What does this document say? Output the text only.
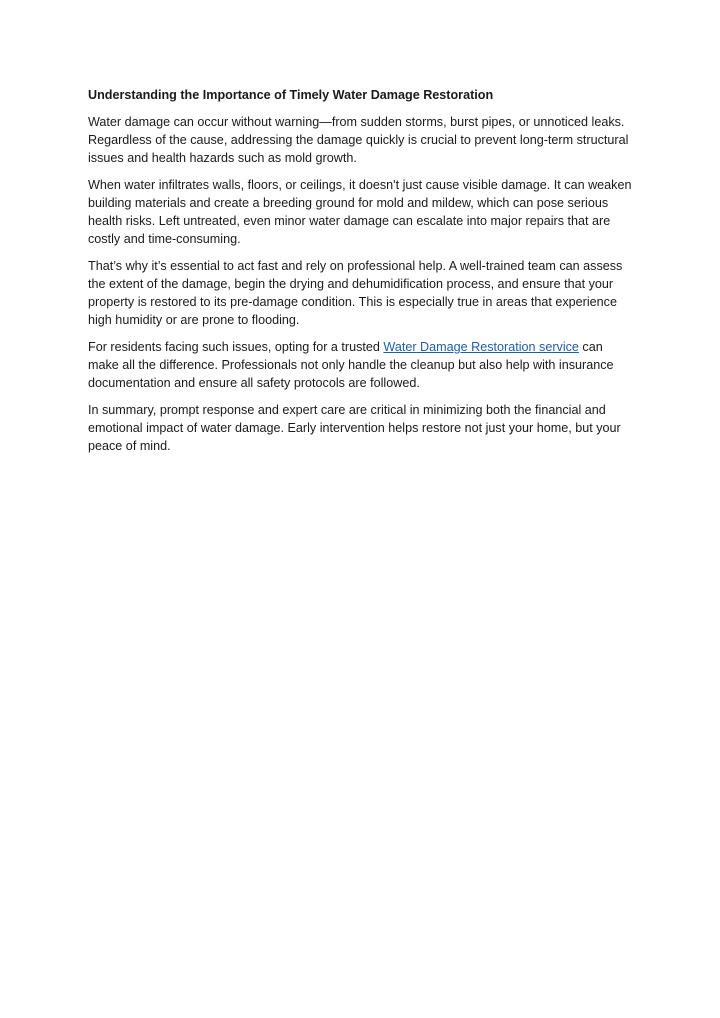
Understanding the Importance of Timely Water Damage Restoration

Water damage can occur without warning—from sudden storms, burst pipes, or unnoticed leaks. Regardless of the cause, addressing the damage quickly is crucial to prevent long-term structural issues and health hazards such as mold growth.

When water infiltrates walls, floors, or ceilings, it doesn't just cause visible damage. It can weaken building materials and create a breeding ground for mold and mildew, which can pose serious health risks. Left untreated, even minor water damage can escalate into major repairs that are costly and time-consuming.

That’s why it’s essential to act fast and rely on professional help. A well-trained team can assess the extent of the damage, begin the drying and dehumidification process, and ensure that your property is restored to its pre-damage condition. This is especially true in areas that experience high humidity or are prone to flooding.

For residents facing such issues, opting for a trusted Water Damage Restoration service can make all the difference. Professionals not only handle the cleanup but also help with insurance documentation and ensure all safety protocols are followed.

In summary, prompt response and expert care are critical in minimizing both the financial and emotional impact of water damage. Early intervention helps restore not just your home, but your peace of mind.
